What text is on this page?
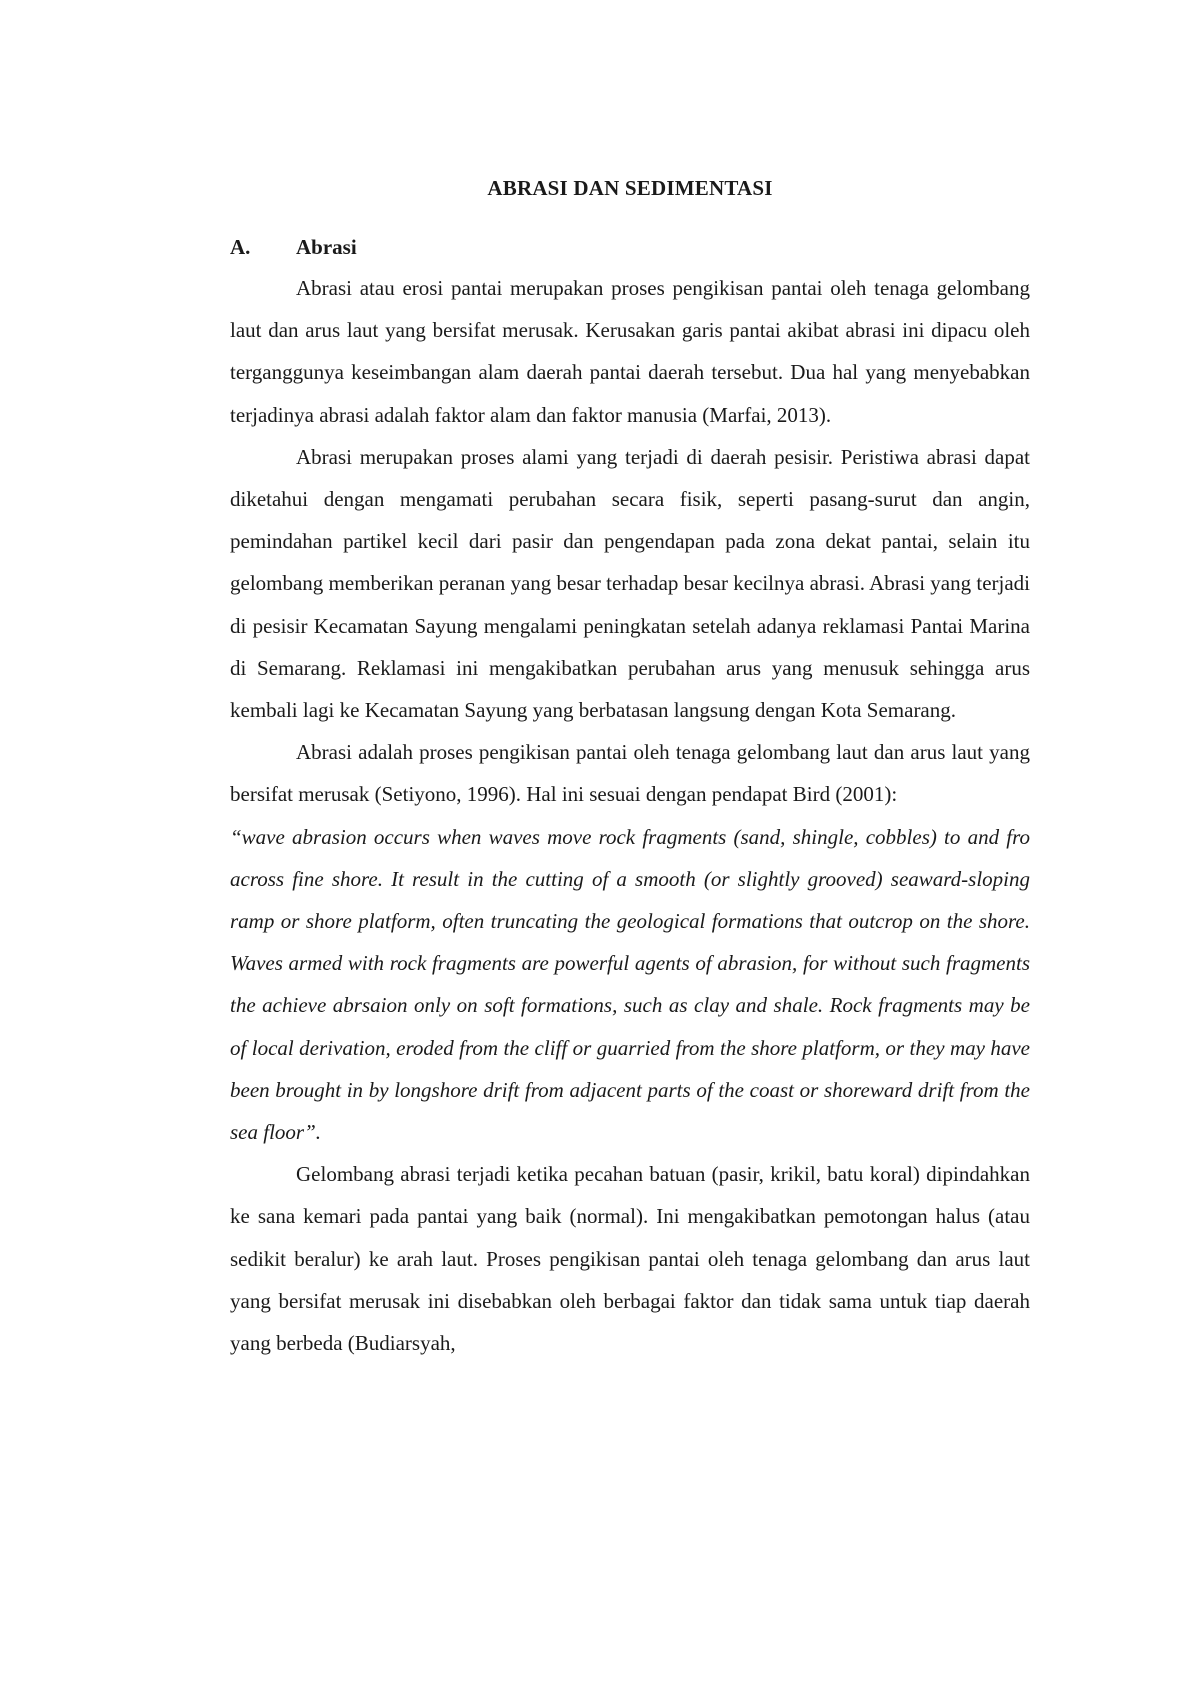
ABRASI DAN SEDIMENTASI
A.	Abrasi

Abrasi atau erosi pantai merupakan proses pengikisan pantai oleh tenaga gelombang laut dan arus laut yang bersifat merusak. Kerusakan garis pantai akibat abrasi ini dipacu oleh terganggunya keseimbangan alam daerah pantai daerah tersebut. Dua hal yang menyebabkan terjadinya abrasi adalah faktor alam dan faktor manusia (Marfai, 2013).

Abrasi merupakan proses alami yang terjadi di daerah pesisir. Peristiwa abrasi dapat diketahui dengan mengamati perubahan secara fisik, seperti pasang-surut dan angin, pemindahan partikel kecil dari pasir dan pengendapan pada zona dekat pantai, selain itu gelombang memberikan peranan yang besar terhadap besar kecilnya abrasi. Abrasi yang terjadi di pesisir Kecamatan Sayung mengalami peningkatan setelah adanya reklamasi Pantai Marina di Semarang. Reklamasi ini mengakibatkan perubahan arus yang menusuk sehingga arus kembali lagi ke Kecamatan Sayung yang berbatasan langsung dengan Kota Semarang.

Abrasi adalah proses pengikisan pantai oleh tenaga gelombang laut dan arus laut yang bersifat merusak (Setiyono, 1996). Hal ini sesuai dengan pendapat Bird (2001):

“wave abrasion occurs when waves move rock fragments (sand, shingle, cobbles) to and fro across fine shore. It result in the cutting of a smooth (or slightly grooved) seaward-sloping ramp or shore platform, often truncating the geological formations that outcrop on the shore. Waves armed with rock fragments are powerful agents of abrasion, for without such fragments the achieve abrsaion only on soft formations, such as clay and shale. Rock fragments may be of local derivation, eroded from the cliff or guarried from the shore platform, or they may have been brought in by longshore drift from adjacent parts of the coast or shoreward drift from the sea floor”.

Gelombang abrasi terjadi ketika pecahan batuan (pasir, krikil, batu koral) dipindahkan ke sana kemari pada pantai yang baik (normal). Ini mengakibatkan pemotongan halus (atau sedikit beralur) ke arah laut. Proses pengikisan pantai oleh tenaga gelombang dan arus laut yang bersifat merusak ini disebabkan oleh berbagai faktor dan tidak sama untuk tiap daerah yang berbeda (Budiarsyah,
